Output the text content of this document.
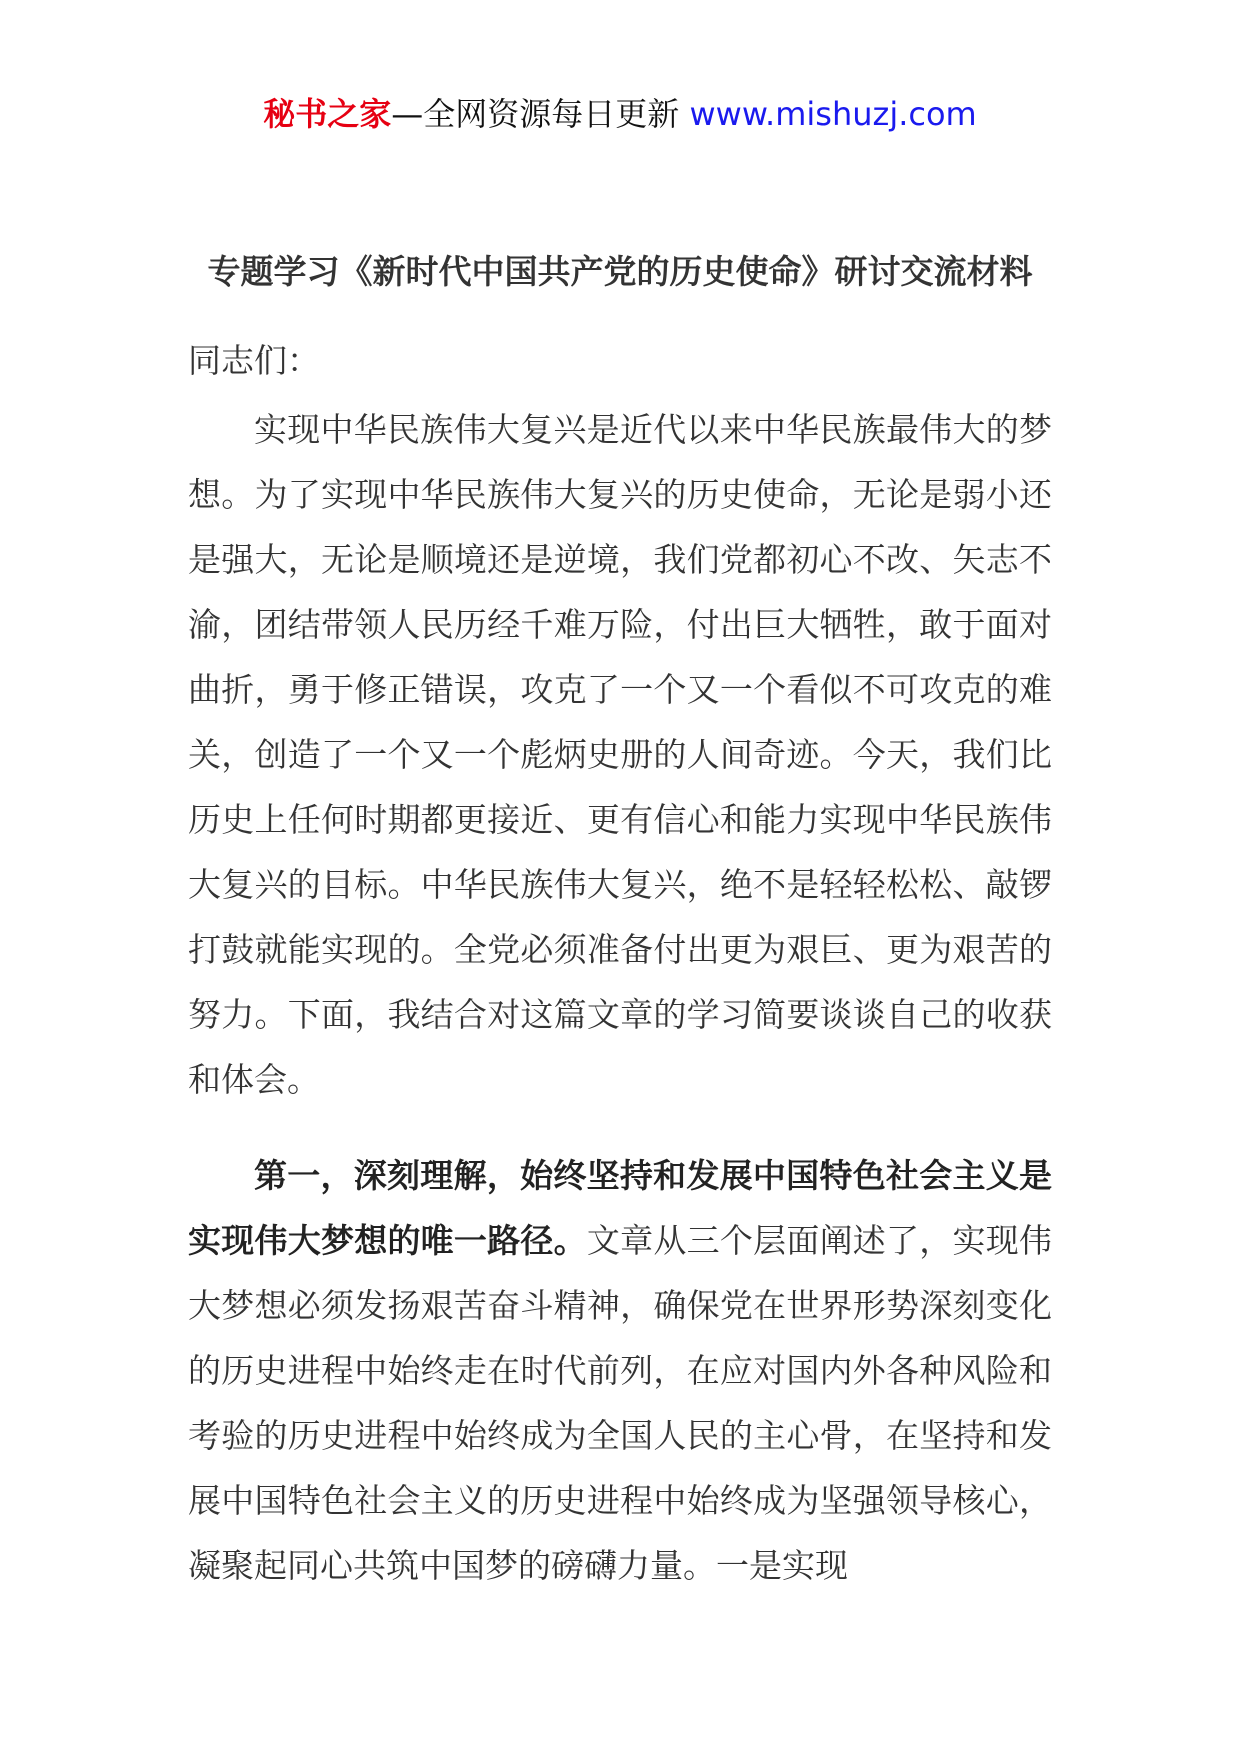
秘书之家—全网资源每日更新 www.mishuzj.com
专题学习《新时代中国共产党的历史使命》研讨交流材料

同志们：

实现中华民族伟大复兴是近代以来中华民族最伟大的梦想。为了实现中华民族伟大复兴的历史使命，无论是弱小还是强大，无论是顺境还是逆境，我们党都初心不改、矢志不渝，团结带领人民历经千难万险，付出巨大牺牲，敢于面对曲折，勇于修正错误，攻克了一个又一个看似不可攻克的难关，创造了一个又一个彪炳史册的人间奇迹。今天，我们比历史上任何时期都更接近、更有信心和能力实现中华民族伟大复兴的目标。中华民族伟大复兴，绝不是轻轻松松、敲锣打鼓就能实现的。全党必须准备付出更为艰巨、更为艰苦的努力。下面，我结合对这篇文章的学习简要谈谈自己的收获和体会。

第一，深刻理解，始终坚持和发展中国特色社会主义是实现伟大梦想的唯一路径。文章从三个层面阐述了，实现伟大梦想必须发扬艰苦奋斗精神，确保党在世界形势深刻变化的历史进程中始终走在时代前列，在应对国内外各种风险和考验的历史进程中始终成为全国人民的主心骨，在坚持和发展中国特色社会主义的历史进程中始终成为坚强领导核心，凝聚起同心共筑中国梦的磅礴力量。一是实现
